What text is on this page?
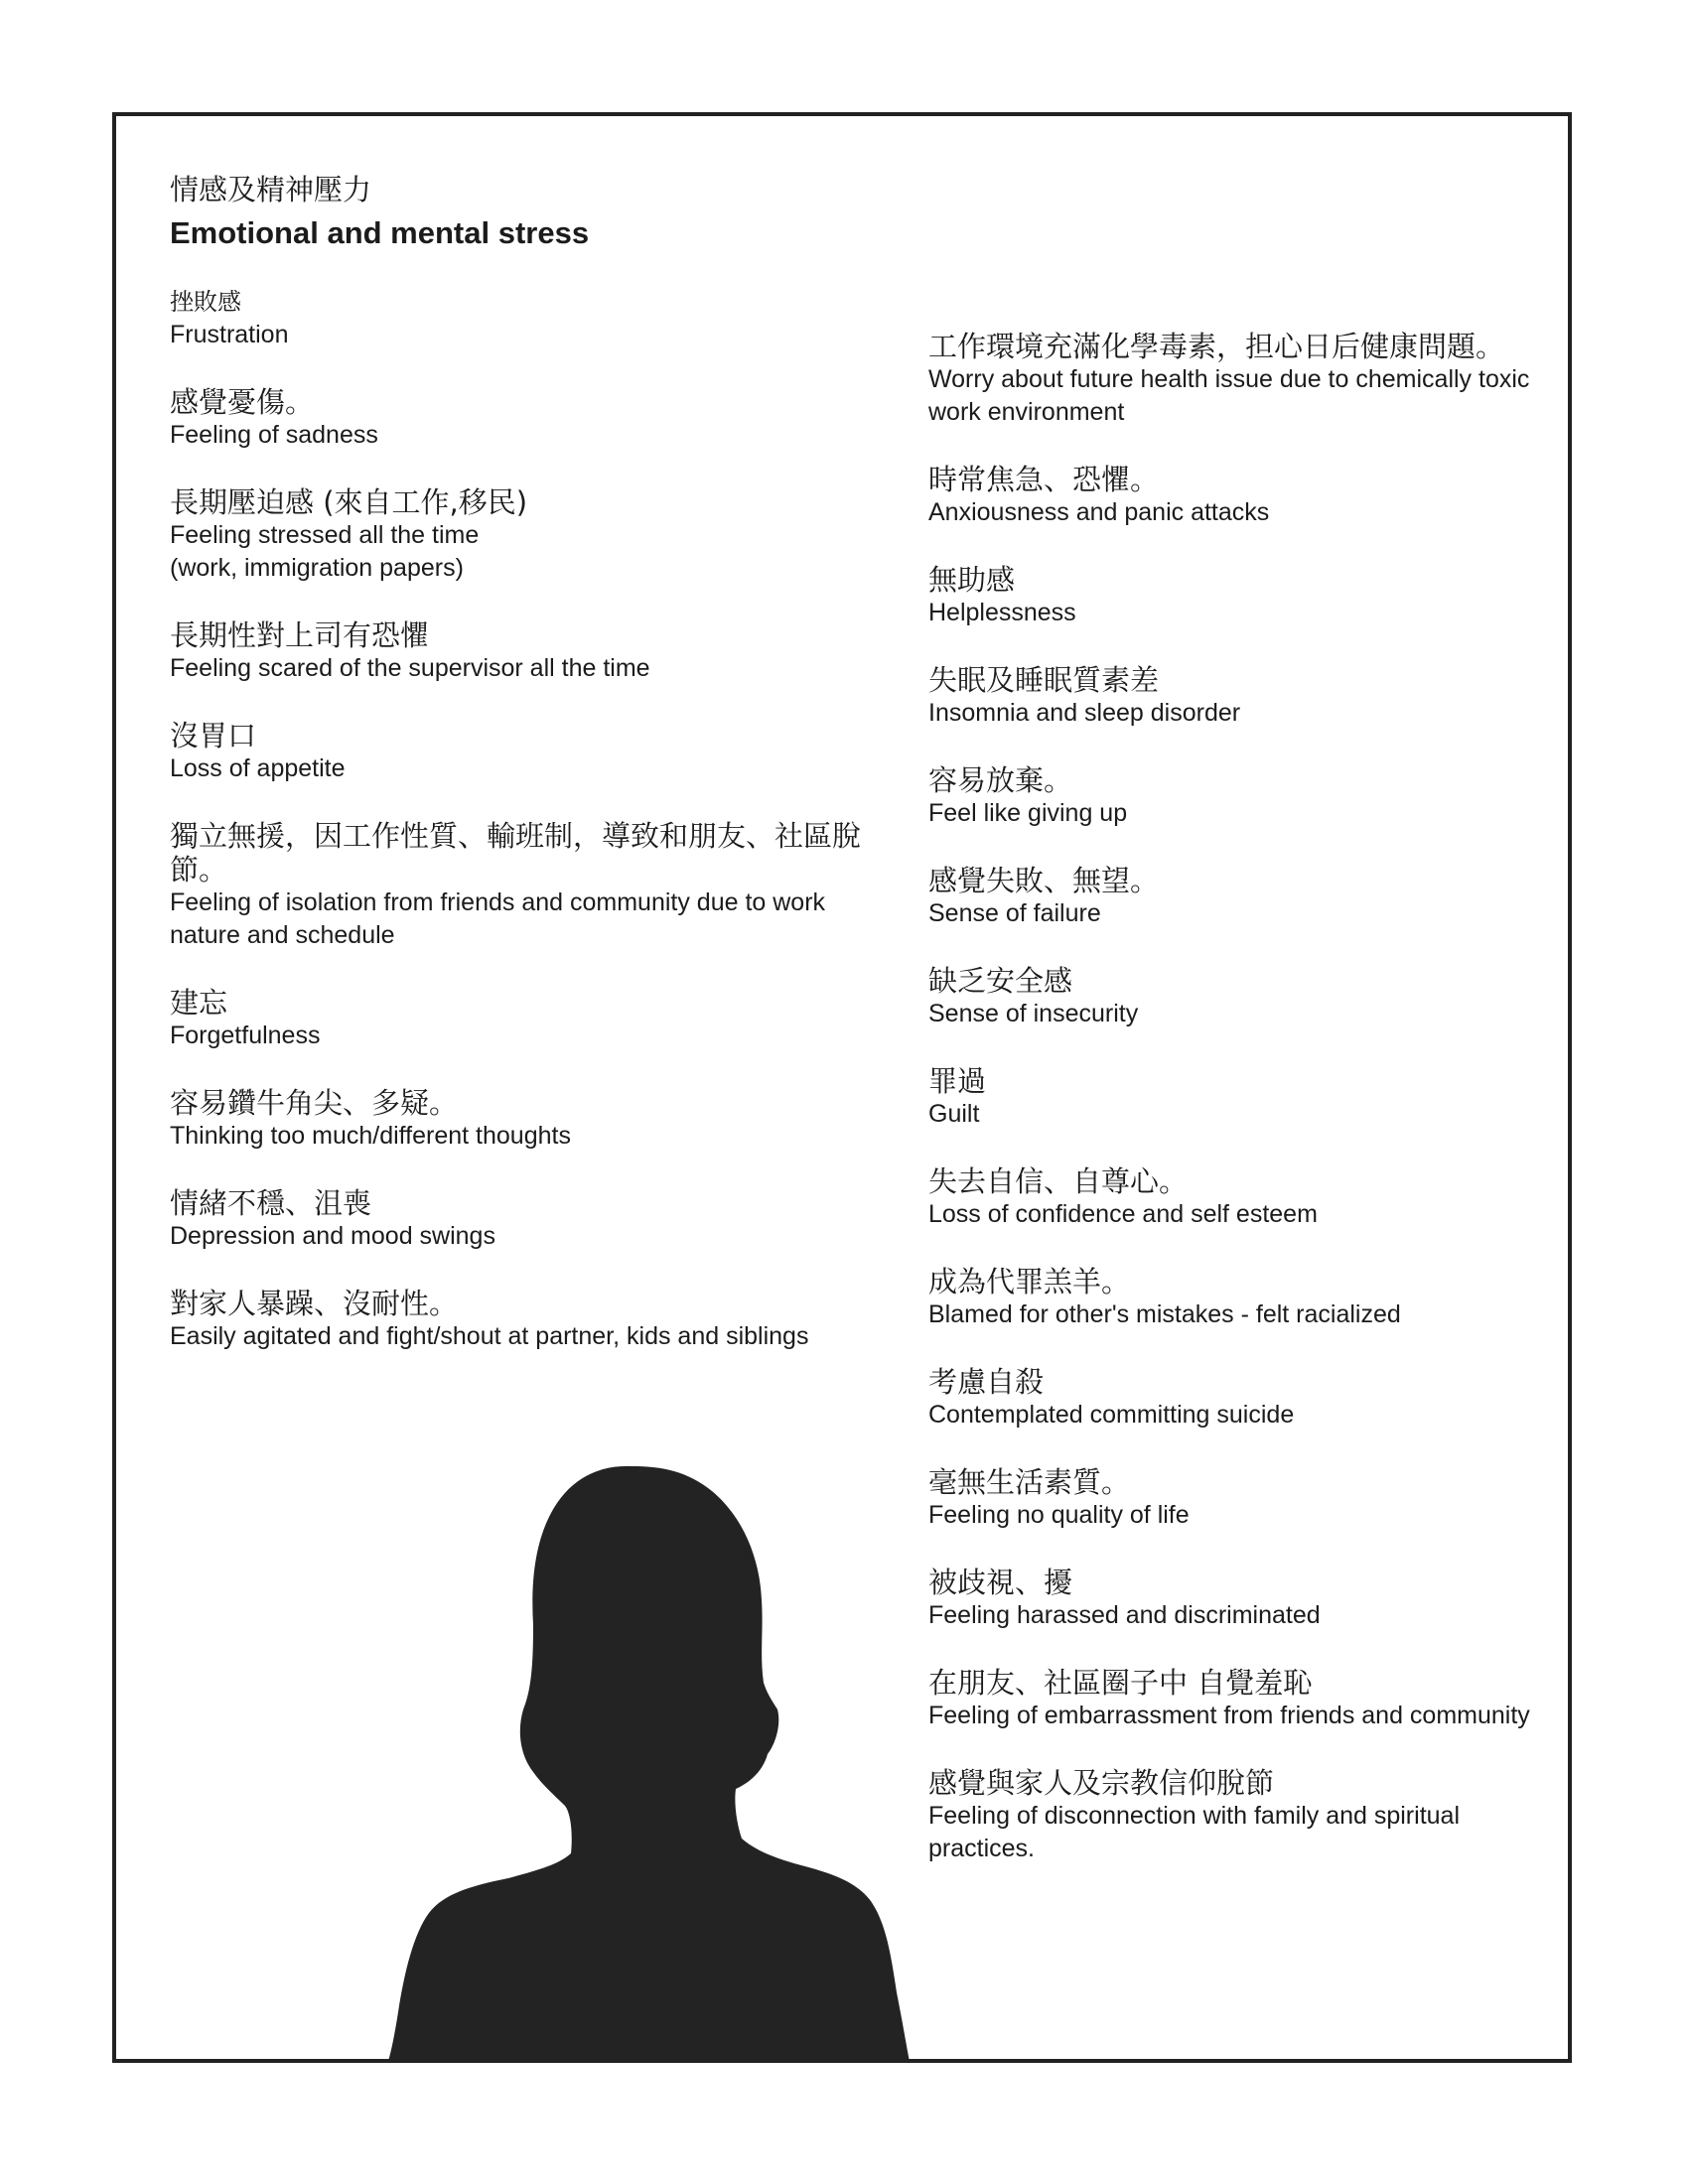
情感及精神壓力
Emotional and mental stress
挫敗感
Frustration
感覺憂傷。
Feeling of sadness
長期壓迫感 (來自工作,移民)
Feeling stressed all the time
(work, immigration papers)
長期性對上司有恐懼
Feeling scared of the supervisor all the time
沒胃口
Loss of appetite
獨立無援，因工作性質、輸班制，導致和朋友、社區脫節。
Feeling of isolation from friends and community due to work nature and schedule
建忘
Forgetfulness
容易鑽牛角尖、多疑。
Thinking too much/different thoughts
情緒不穩、沮喪
Depression and mood swings
對家人暴躁、沒耐性。
Easily agitated and fight/shout at partner, kids and siblings
工作環境充滿化學毒素，担心日后健康問題。
Worry about future health issue due to chemically toxic work environment
時常焦急、恐懼。
Anxiousness and panic attacks
無助感
Helplessness
失眠及睡眠質素差
Insomnia and sleep disorder
容易放棄。
Feel like giving up
感覺失敗、無望。
Sense of failure
缺乏安全感
Sense of insecurity
罪過
Guilt
失去自信、自尊心。
Loss of confidence and self esteem
成為代罪羔羊。
Blamed for other's mistakes - felt racialized
考慮自殺
Contemplated committing suicide
毫無生活素質。
Feeling no quality of life
被歧視、擾
Feeling harassed and discriminated
在朋友、社區圈子中 自覺羞恥
Feeling of embarrassment from friends and community
感覺與家人及宗教信仰脫節
Feeling of disconnection with family and spiritual practices.
